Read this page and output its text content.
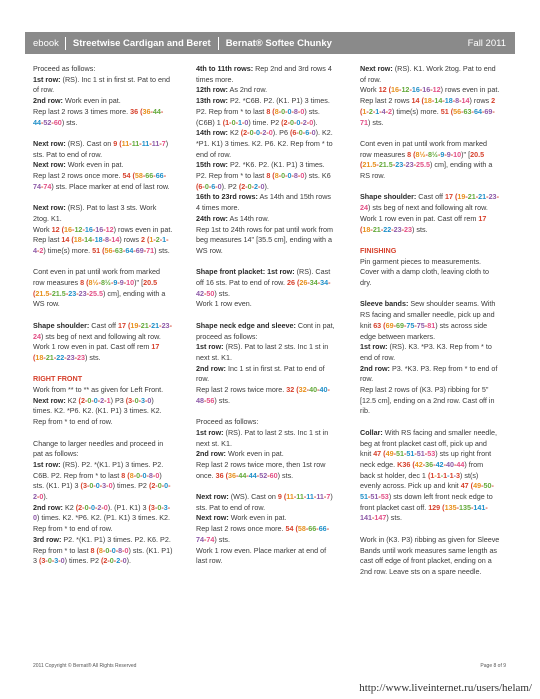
ebook	Streetwise Cardigan and Beret	Bernat® Softee Chunky	Fall 2011

Proceed as follows:
1st row: (RS). Inc 1 st in first st. Pat to end of row.
2nd row: Work even in pat.
Rep last 2 rows 3 times more. 36 (36-44-44-52-60) sts.

Next row: (RS). Cast on 9 (11-11-11-11-7) sts. Pat to end of row.
Next row: Work even in pat.
Rep last 2 rows once more. 54 (58-66-66-74-74) sts. Place marker at end of last row.

Next row: (RS). Pat to last 3 sts. Work 2tog. K1.
Work 12 (16-12-16-16-12) rows even in pat.
Rep last 14 (18-14-18-8-14) rows 2 (1-2-1-4-2) time(s) more. 51 (56-63-64-69-71) sts.

Cont even in pat until work from marked row measures 8 (8½-8½-9-9-10)" [20.5 (21.5-21.5-23-23-25.5) cm], ending with a WS row.

Shape shoulder: Cast off 17 (19-21-21-23-24) sts beg of next and following alt row.
Work 1 row even in pat. Cast off rem 17 (18-21-22-23-23) sts.

RIGHT FRONT

Work from ** to ** as given for Left Front.
Next row: K2 (2-0-0-2-1) P3 (3-0-3-0) times. K2. *P6. K2. (K1. P1) 3 times. K2.
Rep from * to end of row.

Change to larger needles and proceed in pat as follows:
1st row: (RS). P2. *(K1. P1) 3 times. P2. C6B. P2. Rep from * to last 8 (8-0-0-8-0) sts. (K1. P1) 3 (3-0-0-3-0) times. P2 (2-0-0-2-0).
2nd row: K2 (2-0-0-2-0). (P1. K1) 3 (3-0-3-0) times. K2. *P6. K2. (P1. K1) 3 times. K2. Rep from * to end of row.
3rd row: P2. *(K1. P1) 3 times. P2. K6. P2. Rep from * to last 8 (8-0-0-8-0) sts. (K1. P1) 3 (3-0-3-0) times. P2 (2-0-2-0).

4th to 11th rows: Rep 2nd and 3rd rows 4 times more.
12th row: As 2nd row.
13th row: P2. *C6B. P2. (K1. P1) 3 times. P2. Rep from * to last 8 (8-0-0-8-0) sts. (C6B) 1 (1-0-1-0) time. P2 (2-0-0-2-0).
14th row: K2 (2-0-0-2-0). P6 (6-0-6-0). K2. *P1. K1) 3 times. K2. P6. K2. Rep from * to end of row.
15th row: P2. *K6. P2. (K1. P1) 3 times. P2. Rep from * to last 8 (8-0-0-8-0) sts. K6 (6-0-6-0). P2 (2-0-2-0).
16th to 23rd rows: As 14th and 15th rows 4 times more.
24th row: As 14th row.
Rep 1st to 24th rows for pat until work from beg measures 14" [35.5 cm], ending with a WS row.

Shape front placket: 1st row: (RS). Cast off 16 sts. Pat to end of row. 26 (26-34-34-42-50) sts.
Work 1 row even.

Shape neck edge and sleeve: Cont in pat, proceed as follows:
1st row: (RS). Pat to last 2 sts. Inc 1 st in next st. K1.
2nd row: Inc 1 st in first st. Pat to end of row.
Rep last 2 rows twice more. 32 (32-40-40-48-56) sts.

Proceed as follows:
1st row: (RS). Pat to last 2 sts. Inc 1 st in next st. K1.
2nd row: Work even in pat.
Rep last 2 rows twice more, then 1st row once. 36 (36-44-44-52-60) sts.

Next row: (WS). Cast on 9 (11-11-11-11-7) sts. Pat to end of row.
Next row: Work even in pat.
Rep last 2 rows once more. 54 (58-66-66-74-74) sts.
Work 1 row even. Place marker at end of last row.

Next row: (RS). K1. Work 2tog. Pat to end of row.
Work 12 (16-12-16-16-12) rows even in pat.
Rep last 2 rows 14 (18-14-18-8-14) rows 2 (1-2-1-4-2) time(s) more. 51 (56-63-64-69-71) sts.

Cont even in pat until work from marked row measures 8 (8½-8½-9-9-10)" [20.5 (21.5-21.5-23-23-25.5) cm], ending with a RS row.

Shape shoulder: Cast off 17 (19-21-21-23-24) sts beg of next and following alt row.
Work 1 row even in pat. Cast off rem 17 (18-21-22-23-23) sts.

FINISHING

Pin garment pieces to measurements. Cover with a damp cloth, leaving cloth to dry.

Sleeve bands: Sew shoulder seams. With RS facing and smaller needle, pick up and knit 63 (69-69-75-75-81) sts across side edge between markers.
1st row: (RS). K3. *P3. K3. Rep from * to end of row.
2nd row: P3. *K3. P3. Rep from * to end of row.
Rep last 2 rows of (K3. P3) ribbing for 5" [12.5 cm], ending on a 2nd row. Cast off in rib.

Collar: With RS facing and smaller needle, beg at front placket cast off, pick up and knit 47 (49-51-51-51-53) sts up right front neck edge. K36 (42-36-42-40-44) from back st holder, dec 1 (1-1-1-1-3) st(s) evenly across. Pick up and knit 47 (49-50-51-51-53) sts down left front neck edge to front placket cast off. 129 (135-135-141-141-147) sts.

Work in (K3. P3) ribbing as given for Sleeve Bands until work measures same length as cast off edge of front placket, ending on a 2nd row. Leave sts on a spare needle.

2011 Copyright © Bernat® All Rights Reserved	Page 8 of 9
http://www.liveinternet.ru/users/helam/
